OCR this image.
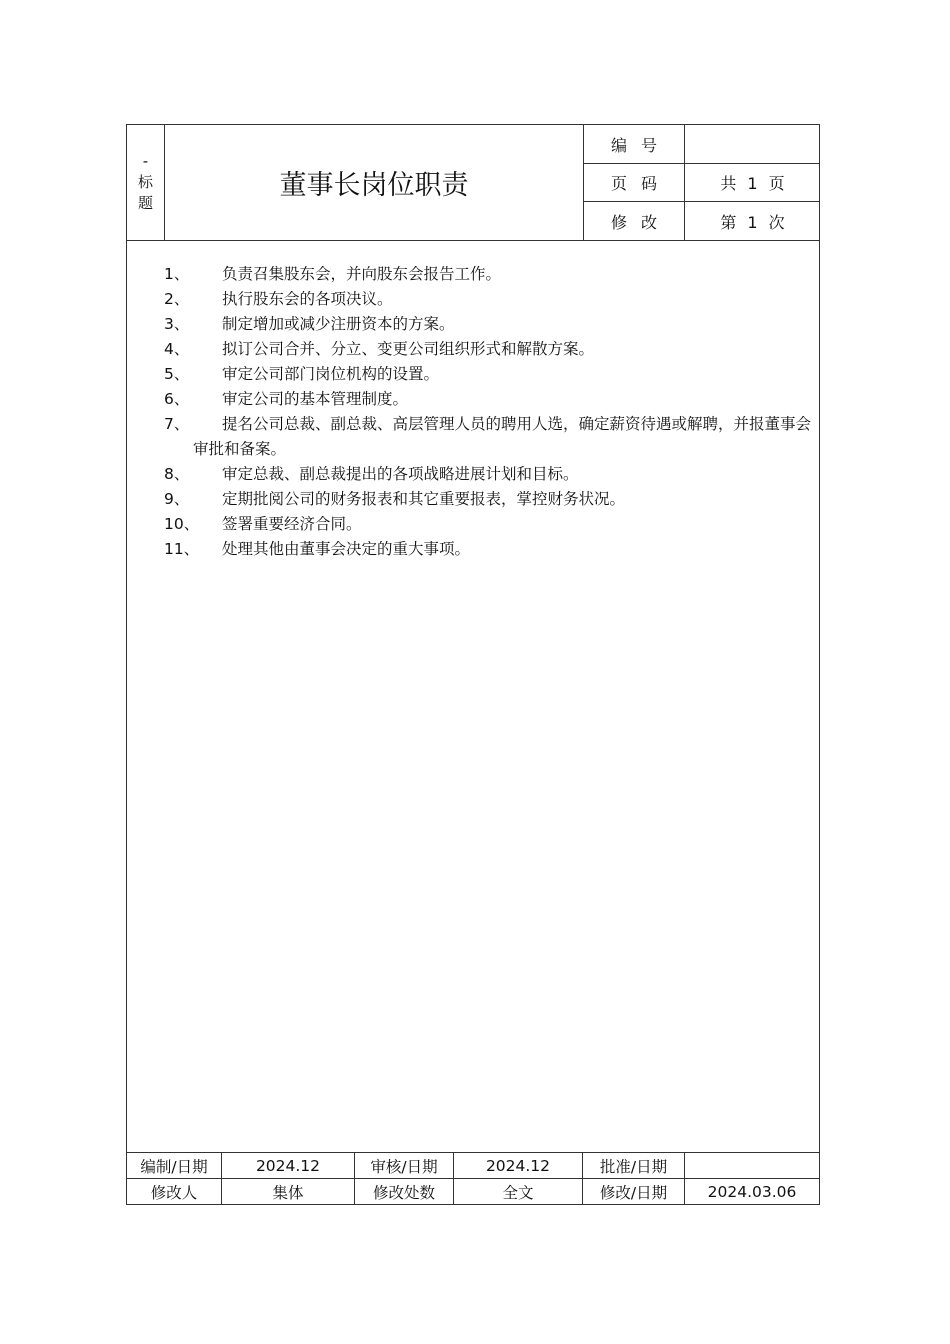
-
标
题
董事长岗位职责
编号
页码	共 1 页
修改	第 1 次
1、	负责召集股东会，并向股东会报告工作。
2、	执行股东会的各项决议。
3、	制定增加或减少注册资本的方案。
4、	拟订公司合并、分立、变更公司组织形式和解散方案。
5、	审定公司部门岗位机构的设置。
6、	审定公司的基本管理制度。
7、	提名公司总裁、副总裁、高层管理人员的聘用人选，确定薪资待遇或解聘，并报董事会审批和备案。
8、	审定总裁、副总裁提出的各项战略进展计划和目标。
9、	定期批阅公司的财务报表和其它重要报表，掌控财务状况。
10、	签署重要经济合同。
11、	处理其他由董事会决定的重大事项。
编制/日期	2024.12	审核/日期	2024.12	批准/日期
修改人	集体	修改处数	全文	修改/日期	2024.03.06
